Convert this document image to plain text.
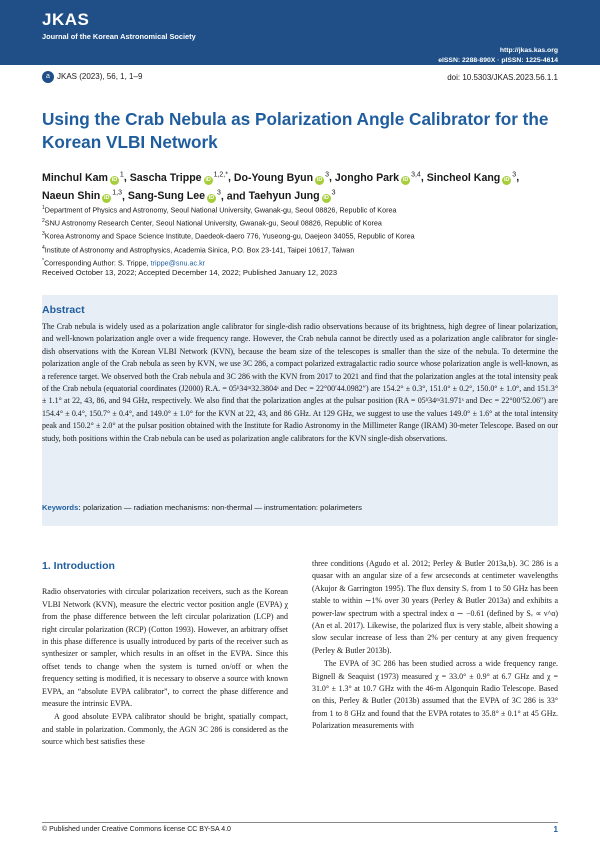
JKAS
Journal of the Korean Astronomical Society
http://jkas.kas.org
eISSN: 2288-890X · pISSN: 1225-4614
a JKAS (2023), 56, 1, 1–9	doi: 10.5303/JKAS.2023.56.1.1
Using the Crab Nebula as Polarization Angle Calibrator for the Korean VLBI Network
Minchul Kam $iD^1$, Sascha Trippe $iD^{1,2,*}$, Do-Young Byun $iD^3$, Jongho Park iD$^{3,4}$, Sincheol Kang $iD^3$, Naeun Shin iD$^{1,3}$, Sang-Sung Lee $iD^3$, and Taehyun Jung $iD^3$
$^1$Department of Physics and Astronomy, Seoul National University, Gwanak-gu, Seoul 08826, Republic of Korea
$^2$SNU Astronomy Research Center, Seoul National University, Gwanak-gu, Seoul 08826, Republic of Korea
$^3$Korea Astronomy and Space Science Institute, Daedeok-daero 776, Yuseong-gu, Daejeon 34055, Republic of Korea
$^4$Institute of Astronomy and Astrophysics, Academia Sinica, P.O. Box 23-141, Taipei 10617, Taiwan
*Corresponding Author: S. Trippe, trippe@snu.ac.kr
Received October 13, 2022; Accepted December 14, 2022; Published January 12, 2023
Abstract

The Crab nebula is widely used as a polarization angle calibrator for single-dish radio observations because of its brightness, high degree of linear polarization, and well-known polarization angle over a wide frequency range. However, the Crab nebula cannot be directly used as a polarization angle calibrator for single-dish observations with the Korean VLBI Network (KVN), because the beam size of the telescopes is smaller than the size of the nebula. To determine the polarization angle of the Crab nebula as seen by KVN, we use 3C 286, a compact polarized extragalactic radio source whose polarization angle is well-known, as a reference target. We observed both the Crab nebula and 3C 286 with the KVN from 2017 to 2021 and find that the polarization angles at the total intensity peak of the Crab nebula (equatorial coordinates (J2000) R.A. = 05ʰ34ᵐ32.3804ˢ and Dec = 22°00′44.0982″) are 154.2° ± 0.3°, 151.0° ± 0.2°, 150.0° ± 1.0°, and 151.3° ± 1.1° at 22, 43, 86, and 94 GHz, respectively. We also find that the polarization angles at the pulsar position (RA = 05ʰ34ᵐ31.971ˢ and Dec = 22°00′52.06″) are 154.4° ± 0.4°, 150.7° ± 0.4°, and 149.0° ± 1.0° for the KVN at 22, 43, and 86 GHz. At 129 GHz, we suggest to use the values 149.0° ± 1.6° at the total intensity peak and 150.2° ± 2.0° at the pulsar position obtained with the Institute for Radio Astronomy in the Millimeter Range (IRAM) 30-meter Telescope. Based on our study, both positions within the Crab nebula can be used as polarization angle calibrators for the KVN single-dish observations.

Keywords: polarization — radiation mechanisms: non-thermal — instrumentation: polarimeters
1. Introduction

Radio observatories with circular polarization receivers, such as the Korean VLBI Network (KVN), measure the electric vector position angle (EVPA) χ from the phase difference between the left circular polarization (LCP) and right circular polarization (RCP) (Cotton 1993). However, an arbitrary offset in this phase difference is usually introduced by parts of the receiver such as synthesizer or sampler, which results in an offset in the EVPA. Since this offset tends to change when the system is turned on/off or when the frequency setting is modified, it is necessary to observe a source with known EVPA, an “absolute EVPA calibrator”, to correct the phase difference and measure the intrinsic EVPA.

A good absolute EVPA calibrator should be bright, spatially compact, and stable in polarization. Commonly, the AGN 3C 286 is considered as the source which best satisfies these

three conditions (Agudo et al. 2012; Perley & Butler 2013a,b). 3C 286 is a quasar with an angular size of a few arcseconds at centimeter wavelengths (Akujor & Garrington 1995). The flux density Sᵥ from 1 to 50 GHz has been stable to within ∼1% over 30 years (Perley & Butler 2013a) and exhibits a power-law spectrum with a spectral index α ∼ −0.61 (defined by Sᵥ ∝ ν^α) (An et al. 2017). Likewise, the polarized flux is very stable, albeit showing a slow secular increase of less than 2% per century at any given frequency (Perley & Butler 2013b).

The EVPA of 3C 286 has been studied across a wide frequency range. Bignell & Seaquist (1973) measured χ = 33.0° ± 0.9° at 6.7 GHz and χ = 31.0° ± 1.3° at 10.7 GHz with the 46-m Algonquin Radio Telescope. Based on this, Perley & Butler (2013b) assumed that the EVPA of 3C 286 is 33° from 1 to 8 GHz and found that the EVPA rotates to 35.8° ± 0.1° at 45 GHz. Polarization measurements with

© Published under Creative Commons license CC BY-SA 4.0	1
